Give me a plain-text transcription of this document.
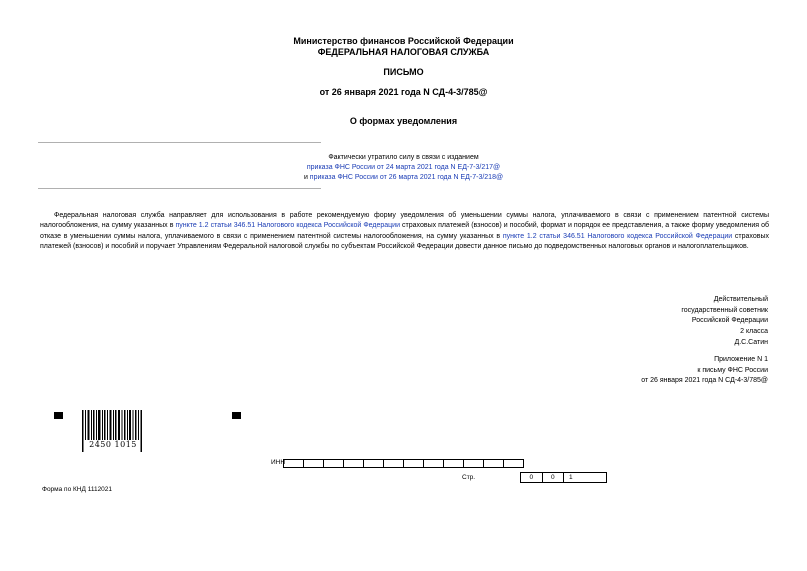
Министерство финансов Российской Федерации
ФЕДЕРАЛЬНАЯ НАЛОГОВАЯ СЛУЖБА
ПИСЬМО
от 26 января 2021 года N СД-4-3/785@
О формах уведомления
Фактически утратило силу в связи с изданием
приказа ФНС России от 24 марта 2021 года N ЕД-7-3/217@
и приказа ФНС России от 26 марта 2021 года N ЕД-7-3/218@
Федеральная налоговая служба направляет для использования в работе рекомендуемую форму уведомления об уменьшении суммы налога, уплачиваемого в связи с применением патентной системы налогообложения, на сумму указанных в пункте 1.2 статьи 346.51 Налогового кодекса Российской Федерации страховых платежей (взносов) и пособий, формат и порядок ее представления, а также форму уведомления об отказе в уменьшении суммы налога, уплачиваемого в связи с применением патентной системы налогообложения, на сумму указанных в пункте 1.2 статьи 346.51 Налогового кодекса Российской Федерации страховых платежей (взносов) и пособий и поручает Управлениям Федеральной налоговой службы по субъектам Российской Федерации довести данное письмо до подведомственных налоговых органов и налогоплательщиков.
Действительный
государственный советник
Российской Федерации
2 класса
Д.С.Сатин
Приложение N 1
к письму ФНС России
от 26 января 2021 года N СД-4-3/785@
2450 1015
ИНН
Стр.	0	0	1
Форма по КНД 1112021
